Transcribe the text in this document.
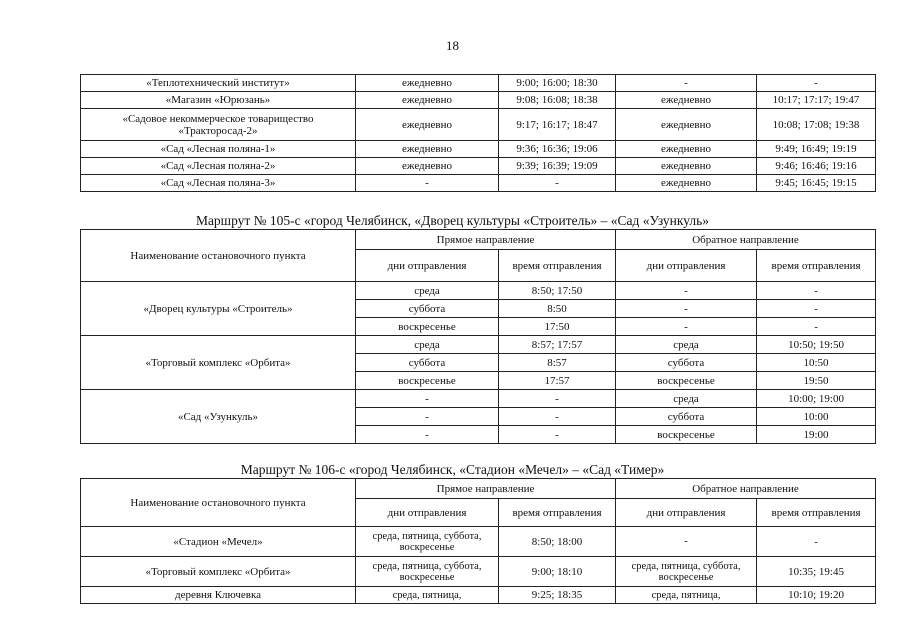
18
«Теплотехнический институт»	ежедневно	9:00; 16:00; 18:30	-	-
«Магазин «Юрюзань»	ежедневно	9:08; 16:08; 18:38	ежедневно	10:17; 17:17; 19:47
«Садовое некоммерческое товарищество «Тракторосад-2»	ежедневно	9:17; 16:17; 18:47	ежедневно	10:08; 17:08; 19:38
«Сад «Лесная поляна-1»	ежедневно	9:36; 16:36; 19:06	ежедневно	9:49; 16:49; 19:19
«Сад «Лесная поляна-2»	ежедневно	9:39; 16:39; 19:09	ежедневно	9:46; 16:46; 19:16
«Сад «Лесная поляна-3»	-	-	ежедневно	9:45; 16:45; 19:15
Маршрут № 105-с «город Челябинск, «Дворец культуры «Строитель» – «Сад «Узункуль»
Наименование остановочного пункта	Прямое направление		Обратное направление	
	дни отправления	время отправления	дни отправления	время отправления
«Дворец культуры «Строитель»	среда	8:50; 17:50	-	-
	суббота	8:50	-	-
	воскресенье	17:50	-	-
«Торговый комплекс «Орбита»	среда	8:57; 17:57	среда	10:50; 19:50
	суббота	8:57	суббота	10:50
	воскресенье	17:57	воскресенье	19:50
«Сад «Узункуль»	-	-	среда	10:00; 19:00
	-	-	суббота	10:00
	-	-	воскресенье	19:00
Маршрут № 106-с «город Челябинск, «Стадион «Мечел» – «Сад «Тимер»
Наименование остановочного пункта	Прямое направление		Обратное направление	
	дни отправления	время отправления	дни отправления	время отправления
«Стадион «Мечел»	среда, пятница, суббота, воскресенье	8:50; 18:00	-	-
«Торговый комплекс «Орбита»	среда, пятница, суббота, воскресенье	9:00; 18:10	среда, пятница, суббота, воскресенье	10:35; 19:45
деревня Ключевка	среда, пятница,	9:25; 18:35	среда, пятница,	10:10; 19:20
